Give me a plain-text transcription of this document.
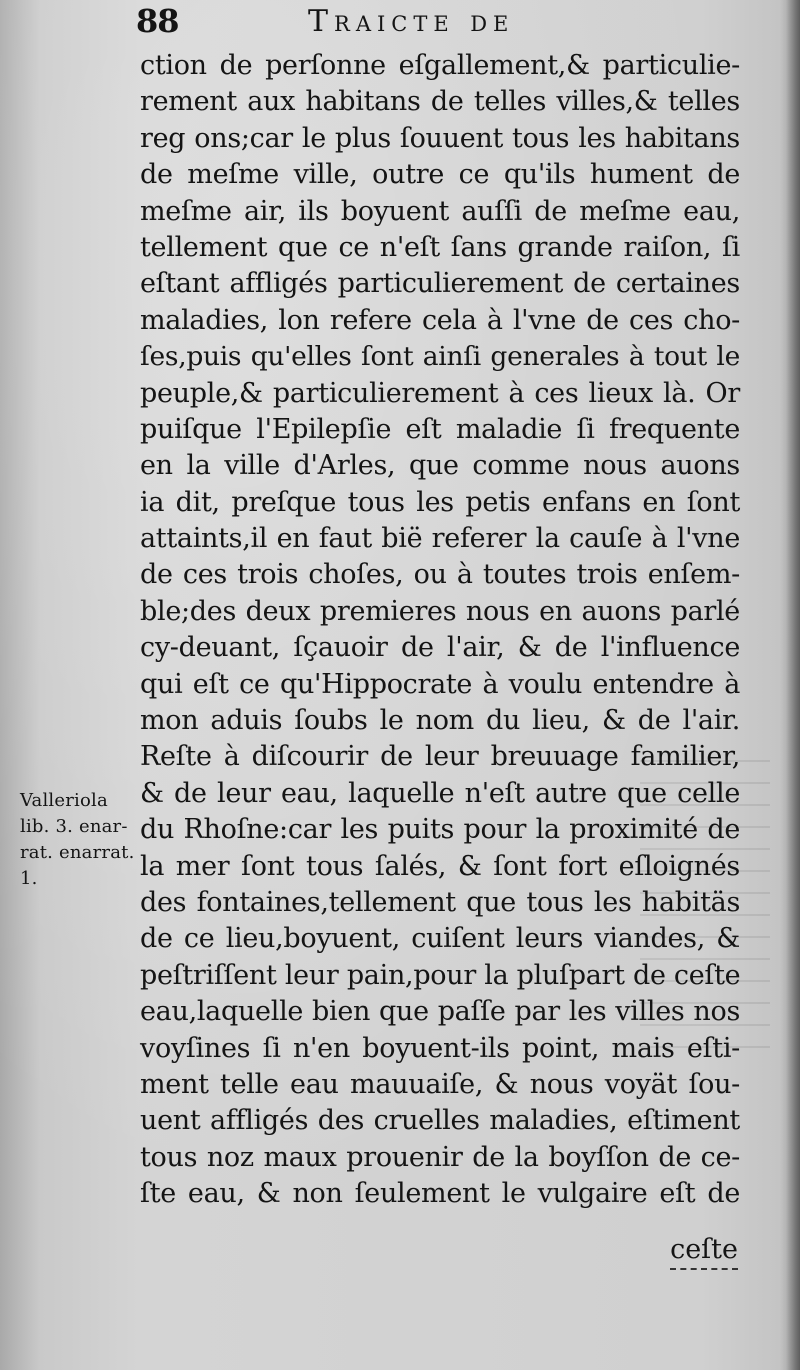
88	Traicte de
ction de perſonne eſgallement,& particulie-
rement aux habitans de telles villes,& telles
reg ons;car le plus ſouuent tous les habitans
de meſme ville, outre ce qu'ils hument de
meſme air, ils boyuent auſſi de meſme eau,
tellement que ce n'eſt ſans grande raiſon, ſi
eſtant affligés particulierement de certaines
maladies, lon refere cela à l'vne de ces cho-
ſes,puis qu'elles ſont ainſi generales à tout le
peuple,& particulierement à ces lieux là. Or
puiſque l'Epilepſie eſt maladie ſi frequente
en la ville d'Arles, que comme nous auons
ia dit, preſque tous les petis enfans en ſont
attaints,il en faut bië referer la cauſe à l'vne
de ces trois choſes, ou à toutes trois enſem-
ble;des deux premieres nous en auons parlé
cy-deuant, ſçauoir de l'air, & de l'influence
qui eſt ce qu'Hippocrate à voulu entendre à
mon aduis ſoubs le nom du lieu, & de l'air.
Reſte à diſcourir de leur breuuage familier,
& de leur eau, laquelle n'eſt autre que celle
du Rhoſne:car les puits pour la proximité de
la mer ſont tous ſalés, & ſont fort eſloignés
des fontaines,tellement que tous les habitäs
de ce lieu,boyuent, cuiſent leurs viandes, &
peſtriſſent leur pain,pour la pluſpart de ceſte
eau,laquelle bien que paſſe par les villes nos
voyſines ſi n'en boyuent-ils point, mais eſti-
ment telle eau mauuaiſe, & nous voyät ſou-
uent affligés des cruelles maladies, eſtiment
tous noz maux prouenir de la boyſſon de ce-
ſte eau, & non ſeulement le vulgaire eſt de
Valleriola
lib. 3. enar-
rat. enarrat.
1.
ceſte
